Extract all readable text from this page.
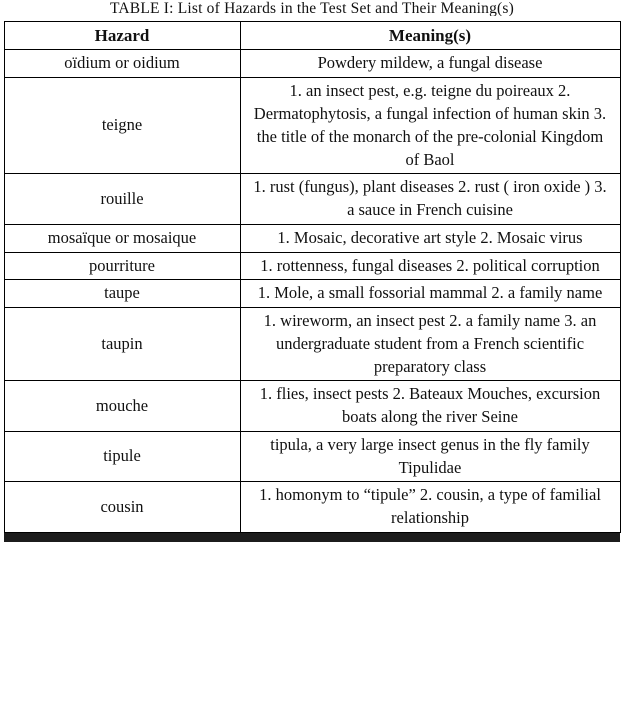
TABLE I: List of Hazards in the Test Set and Their Meaning(s)
Hazard	Meaning(s)
oïdium or oidium	Powdery mildew, a fungal disease
teigne	1. an insect pest, e.g. teigne du poireaux 2. Dermatophytosis, a fungal infection of human skin 3. the title of the monarch of the pre-colonial Kingdom of Baol
rouille	1. rust (fungus), plant diseases 2. rust ( iron oxide ) 3. a sauce in French cuisine
mosaïque or mosaique	1. Mosaic, decorative art style 2. Mosaic virus
pourriture	1. rottenness, fungal diseases 2. political corruption
taupe	1. Mole, a small fossorial mammal 2. a family name
taupin	1. wireworm, an insect pest 2. a family name 3. an undergraduate student from a French scientific preparatory class
mouche	1. flies, insect pests 2. Bateaux Mouches, excursion boats along the river Seine
tipule	tipula, a very large insect genus in the fly family Tipulidae
cousin	1. homonym to “tipule” 2. cousin, a type of familial relationship
